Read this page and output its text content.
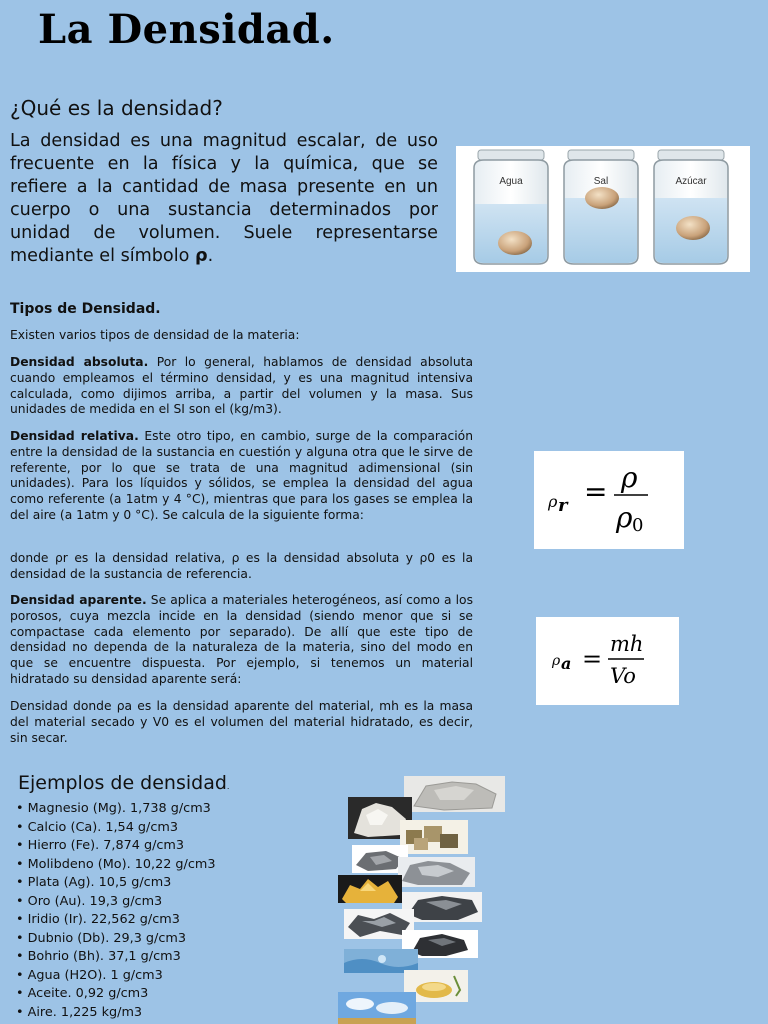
La Densidad.
¿Qué es la densidad?
La densidad es una magnitud escalar, de uso frecuente en la física y la química, que se refiere a la cantidad de masa presente en un cuerpo o una sustancia determinados por unidad de volumen. Suele representarse mediante el símbolo ρ.
Agua	Sal	Azúcar
Tipos de Densidad.
Existen varios tipos de densidad de la materia:
Densidad absoluta. Por lo general, hablamos de densidad absoluta cuando empleamos el término densidad, y es una magnitud intensiva calculada, como dijimos arriba, a partir del volumen y la masa. Sus unidades de medida en el SI son el (kg/m3).
Densidad relativa. Este otro tipo, en cambio, surge de la comparación entre la densidad de la sustancia en cuestión y alguna otra que le sirve de referente, por lo que se trata de una magnitud adimensional (sin unidades). Para los líquidos y sólidos, se emplea la densidad del agua como referente (a 1atm y 4 °C), mientras que para los gases se emplea la del aire (a 1atm y 0 °C). Se calcula de la siguiente forma:
donde ρr es la densidad relativa, ρ es la densidad absoluta y ρ0 es la densidad de la sustancia de referencia.
Densidad aparente. Se aplica a materiales heterogéneos, así como a los porosos, cuya mezcla incide en la densidad (siendo menor que si se compactase cada elemento por separado). De allí que este tipo de densidad no dependa de la naturaleza de la materia, sino del modo en que se encuentre dispuesta. Por ejemplo, si tenemos un material hidratado su densidad aparente será:
Densidad donde ρa es la densidad aparente del material, mh es la masa del material secado y V0 es el volumen del material hidratado, es decir, sin secar.
ρ r = ρ
ρ 0
ρ a =
mh
Vo
Ejemplos de densidad.
• Magnesio (Mg). 1,738 g/cm3
• Calcio (Ca). 1,54 g/cm3
• Hierro (Fe). 7,874 g/cm3
• Molibdeno (Mo). 10,22 g/cm3
• Plata (Ag). 10,5 g/cm3
• Oro (Au). 19,3 g/cm3
• Iridio (Ir). 22,562 g/cm3
• Dubnio (Db). 29,3 g/cm3
• Bohrio (Bh). 37,1 g/cm3
• Agua (H2O). 1 g/cm3
• Aceite. 0,92 g/cm3
• Aire. 1,225 kg/m3
